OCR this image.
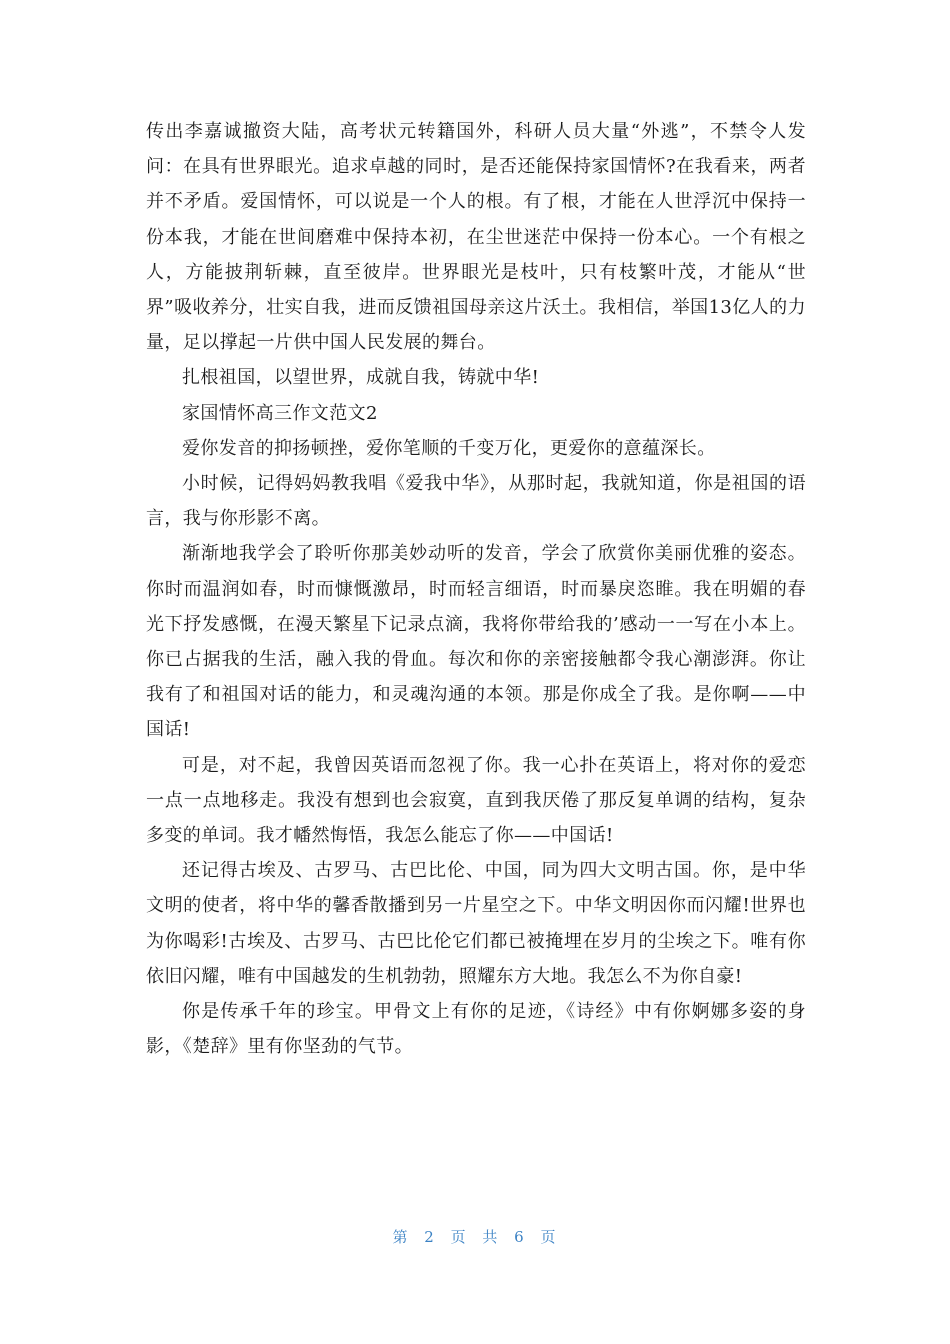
传出李嘉诚撤资大陆，高考状元转籍国外，科研人员大量“外逃”，不禁令人发问：在具有世界眼光。追求卓越的同时，是否还能保持家国情怀?在我看来，两者并不矛盾。爱国情怀，可以说是一个人的根。有了根，才能在人世浮沉中保持一份本我，才能在世间磨难中保持本初，在尘世迷茫中保持一份本心。一个有根之人，方能披荆斩棘，直至彼岸。世界眼光是枝叶，只有枝繁叶茂，才能从“世界”吸收养分，壮实自我，进而反馈祖国母亲这片沃土。我相信，举国13亿人的力量，足以撑起一片供中国人民发展的舞台。

扎根祖国，以望世界，成就自我，铸就中华!

家国情怀高三作文范文2

爱你发音的抑扬顿挫，爱你笔顺的千变万化，更爱你的意蕴深长。

小时候，记得妈妈教我唱《爱我中华》，从那时起，我就知道，你是祖国的语言，我与你形影不离。

渐渐地我学会了聆听你那美妙动听的发音，学会了欣赏你美丽优雅的姿态。你时而温润如春，时而慷慨激昂，时而轻言细语，时而暴戾恣睢。我在明媚的春光下抒发感慨，在漫天繁星下记录点滴，我将你带给我的’感动一一写在小本上。你已占据我的生活，融入我的骨血。每次和你的亲密接触都令我心潮澎湃。你让我有了和祖国对话的能力，和灵魂沟通的本领。那是你成全了我。是你啊——中国话!

可是，对不起，我曾因英语而忽视了你。我一心扑在英语上，将对你的爱恋一点一点地移走。我没有想到也会寂寞，直到我厌倦了那反复单调的结构，复杂多变的单词。我才幡然悔悟，我怎么能忘了你——中国话!

还记得古埃及、古罗马、古巴比伦、中国，同为四大文明古国。你，是中华文明的使者，将中华的馨香散播到另一片星空之下。中华文明因你而闪耀!世界也为你喝彩!古埃及、古罗马、古巴比伦它们都已被掩埋在岁月的尘埃之下。唯有你依旧闪耀，唯有中国越发的生机勃勃，照耀东方大地。我怎么不为你自豪!

你是传承千年的珍宝。甲骨文上有你的足迹，《诗经》中有你婀娜多姿的身影，《楚辞》里有你坚劲的气节。

第 2 页 共 6 页
